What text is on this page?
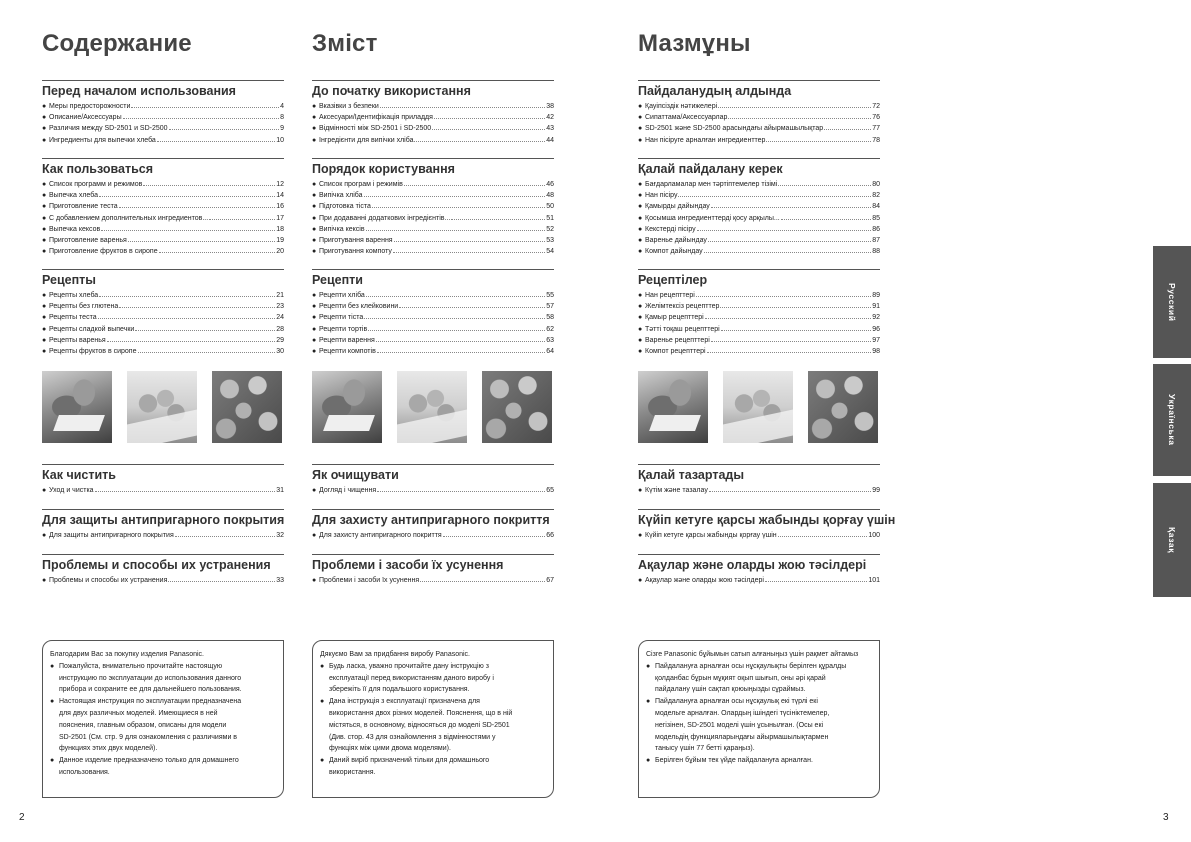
Содержание
Перед началом использования
● Меры предосторожности	4
● Описание/Аксессуары	8
● Различия между SD-2501 и SD-2500	9
● Ингредиенты для выпечки хлеба	10
Как пользоваться
● Список программ и режимов	12
● Выпечка хлеба	14
● Приготовление теста	16
● С добавлением дополнительных ингредиентов...	17
● Выпечка кексов	18
● Приготовление варенья	19
● Приготовление фруктов в сиропе	20
Рецепты
● Рецепты хлеба	21
● Рецепты без глютена	23
● Рецепты теста	24
● Рецепты сладкой выпечки	28
● Рецепты варенья	29
● Рецепты фруктов в сиропе	30
Как чистить
● Уход и чистка	31
Для защиты антипригарного покрытия
● Для защиты антипригарного покрытия	32
Проблемы и способы их устранения
● Проблемы и способы их устранения	33
Благодарим Вас за покупку изделия Panasonic.
● Пожалуйста, внимательно прочитайте настоящую
инструкцию по эксплуатации до использования данного
прибора и сохраните ее для дальнейшего пользования.
● Настоящая инструкция по эксплуатации предназначена
для двух различных моделей. Имеющиеся в ней
пояснения, главным образом, описаны для модели
SD-2501 (См. стр. 9 для ознакомления с различиями в
функциях этих двух моделей).
● Данное изделие предназначено только для домашнего
использования.
Зміст
До початку використання
● Вказівки з безпеки	38
● Аксесуари/Ідентифікація приладдя	42
● Відмінності між SD-2501 і SD-2500	43
● Інгредієнти для випічки хліба	44
Порядок користування
● Список програм і режимів	46
● Випічка хліба	48
● Підготовка тіста	50
● При додаванні додаткових інгредієнтів...	51
● Випічка кексів	52
● Приготування варення	53
● Приготування компоту	54
Рецепти
● Рецепти хліба	55
● Рецепти без клейковини	57
● Рецепти тіста	58
● Рецепти тортів	62
● Рецепти варення	63
● Рецепти компотів	64
Як очищувати
● Догляд і чищення	65
Для захисту антипригарного покриття
● Для захисту антипригарного покриття	66
Проблеми і засоби їх усунення
● Проблеми і засоби їх усунення	67
Дякуємо Вам за придбання виробу Panasonic.
● Будь ласка, уважно прочитайте дану інструкцію з
експлуатації перед використанням даного виробу і
збережіть її для подальшого користування.
● Дана інструкція з експлуатації призначена для
використання двох різних моделей. Пояснення, що в ній
містяться, в основному, відносяться до моделі SD-2501
(Див. стор. 43 для ознайомлення з відмінностями у
функціях між цими двома моделями).
● Даний виріб призначений тільки для домашнього
використання.
Мазмұны
Пайдаланудың алдында
● Қауіпсіздік нәтижелері	72
● Сипаттама/Аксессуарлар	76
● SD-2501 және SD-2500 арасындағы айырмашылықтар	77
● Нан пісіруге арналған ингредиенттер	78
Қалай пайдалану керек
● Бағдарламалар мен тәртіптемелер тізімі	80
● Нан пісіру	82
● Қамырды дайындау	84
● Қосымша ингредиенттерді қосу арқылы...	85
● Кекстерді пісіру	86
● Варенье дайындау	87
● Компот дайындау	88
Рецептілер
● Нан рецепттері	89
● Желімтексіз рецепттер	91
● Қамыр рецепттері	92
● Тәтті тоқаш рецепттері	96
● Варенье рецепттері	97
● Компот рецепттері	98
Қалай тазартады
● Күтім және тазалау	99
Күйіп кетуге қарсы жабынды қорғау үшін
● Күйіп кетуге қарсы жабынды қорғау үшін	100
Ақаулар және оларды жою тәсілдері
● Ақаулар және оларды жою тәсілдері	101
Сізге Panasonic бұйымын сатып алғаныңыз үшін рақмет айтамыз
● Пайдалануға арналған осы нұсқаулықты берілген құралды
қолданбас бұрын мұқият оқып шығып, оны әрі қарай
пайдалану үшін сақтап қоюыңызды сұраймыз.
● Пайдалануға арналған осы нұсқаулық екі түрлі екі
модельге арналған. Олардың ішіндегі түсініктемелер,
негізінен, SD-2501 моделі үшін ұсынылған. (Осы екі
модельдің функцияларындағы айырмашылықтармен
танысу үшін 77 бетті қараңыз).
● Берілген бұйым тек үйде пайдалануға арналған.
2	3
Русский
Українська
Қазақ
